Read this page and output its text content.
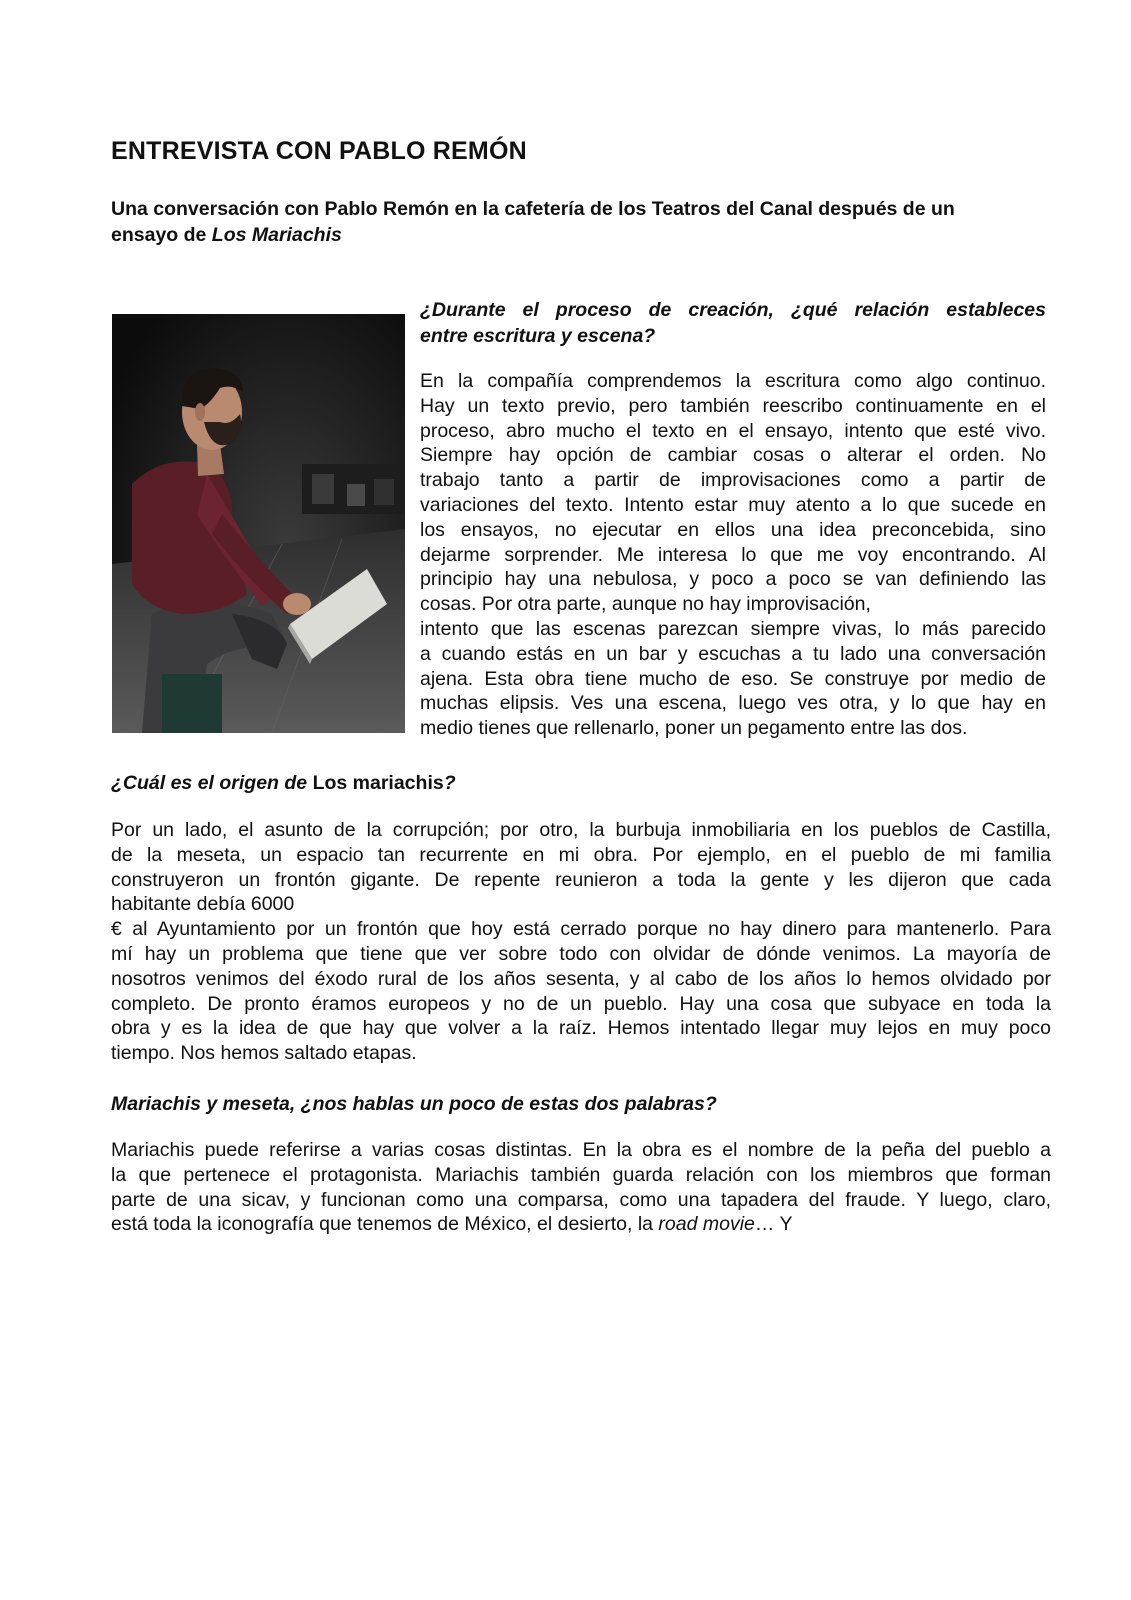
ENTREVISTA CON PABLO REMÓN

Una conversación con Pablo Remón en la cafetería de los Teatros del Canal después de un
ensayo de Los Mariachis

¿Durante el proceso de creación, ¿qué relación estableces
entre escritura y escena?

En la compañía comprendemos la escritura como algo continuo.
Hay un texto previo, pero también reescribo continuamente en el
proceso, abro mucho el texto en el ensayo, intento que esté vivo.
Siempre hay opción de cambiar cosas o alterar el orden. No
trabajo tanto a partir de improvisaciones como a partir de
variaciones del texto. Intento estar muy atento a lo que sucede en
los ensayos, no ejecutar en ellos una idea preconcebida, sino
dejarme sorprender. Me interesa lo que me voy encontrando. Al
principio hay una nebulosa, y poco a poco se van definiendo las
cosas. Por otra parte, aunque no hay improvisación,
intento que las escenas parezcan siempre vivas, lo más parecido
a cuando estás en un bar y escuchas a tu lado una conversación
ajena. Esta obra tiene mucho de eso. Se construye por medio de
muchas elipsis. Ves una escena, luego ves otra, y lo que hay en
medio tienes que rellenarlo, poner un pegamento entre las dos.

¿Cuál es el origen de Los mariachis?

Por un lado, el asunto de la corrupción; por otro, la burbuja inmobiliaria en los pueblos de Castilla,
de la meseta, un espacio tan recurrente en mi obra. Por ejemplo, en el pueblo de mi familia
construyeron un frontón gigante. De repente reunieron a toda la gente y les dijeron que cada
habitante debía 6000
€ al Ayuntamiento por un frontón que hoy está cerrado porque no hay dinero para mantenerlo. Para
mí hay un problema que tiene que ver sobre todo con olvidar de dónde venimos. La mayoría de
nosotros venimos del éxodo rural de los años sesenta, y al cabo de los años lo hemos olvidado por
completo. De pronto éramos europeos y no de un pueblo. Hay una cosa que subyace en toda la
obra y es la idea de que hay que volver a la raíz. Hemos intentado llegar muy lejos en muy poco
tiempo. Nos hemos saltado etapas.

Mariachis y meseta, ¿nos hablas un poco de estas dos palabras?

Mariachis puede referirse a varias cosas distintas. En la obra es el nombre de la peña del pueblo a
la que pertenece el protagonista. Mariachis también guarda relación con los miembros que forman
parte de una sicav, y funcionan como una comparsa, como una tapadera del fraude. Y luego, claro,
está toda la iconografía que tenemos de México, el desierto, la road movie… Y
